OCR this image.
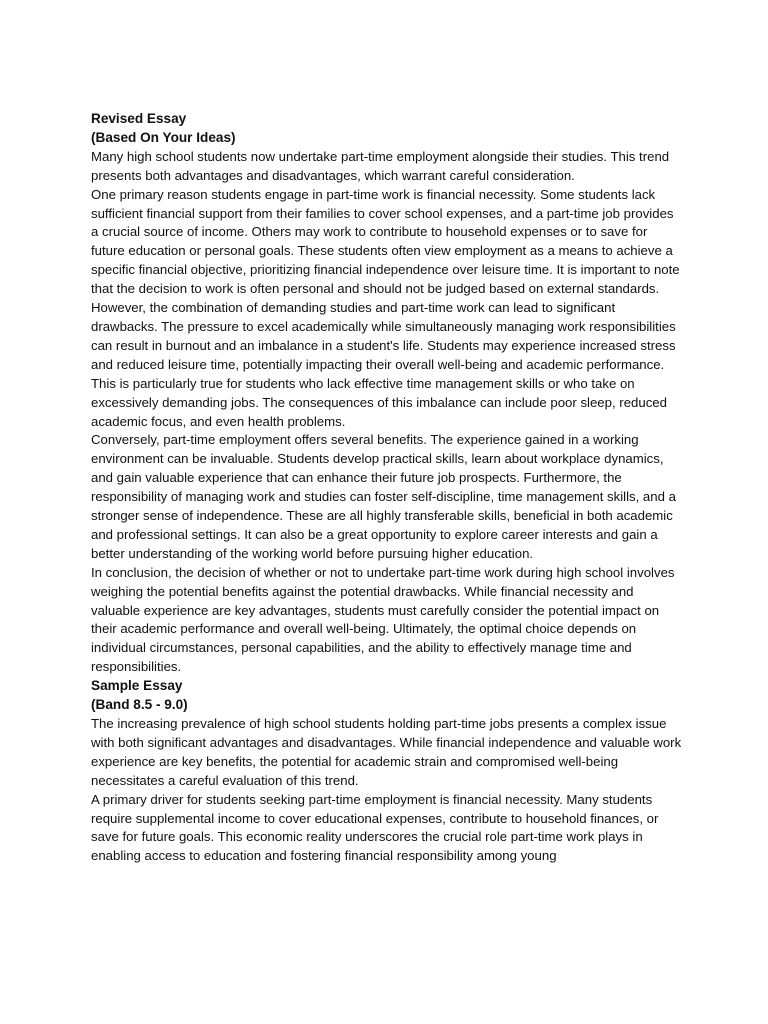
Revised Essay
(Based On Your Ideas)

Many high school students now undertake part-time employment alongside their studies. This trend presents both advantages and disadvantages, which warrant careful consideration.

One primary reason students engage in part-time work is financial necessity. Some students lack sufficient financial support from their families to cover school expenses, and a part-time job provides a crucial source of income. Others may work to contribute to household expenses or to save for future education or personal goals. These students often view employment as a means to achieve a specific financial objective, prioritizing financial independence over leisure time. It is important to note that the decision to work is often personal and should not be judged based on external standards.

However, the combination of demanding studies and part-time work can lead to significant drawbacks. The pressure to excel academically while simultaneously managing work responsibilities can result in burnout and an imbalance in a student's life. Students may experience increased stress and reduced leisure time, potentially impacting their overall well-being and academic performance. This is particularly true for students who lack effective time management skills or who take on excessively demanding jobs. The consequences of this imbalance can include poor sleep, reduced academic focus, and even health problems.

Conversely, part-time employment offers several benefits. The experience gained in a working environment can be invaluable. Students develop practical skills, learn about workplace dynamics, and gain valuable experience that can enhance their future job prospects. Furthermore, the responsibility of managing work and studies can foster self-discipline, time management skills, and a stronger sense of independence. These are all highly transferable skills, beneficial in both academic and professional settings. It can also be a great opportunity to explore career interests and gain a better understanding of the working world before pursuing higher education.

In conclusion, the decision of whether or not to undertake part-time work during high school involves weighing the potential benefits against the potential drawbacks. While financial necessity and valuable experience are key advantages, students must carefully consider the potential impact on their academic performance and overall well-being. Ultimately, the optimal choice depends on individual circumstances, personal capabilities, and the ability to effectively manage time and responsibilities.

Sample Essay
(Band 8.5 - 9.0)

The increasing prevalence of high school students holding part-time jobs presents a complex issue with both significant advantages and disadvantages. While financial independence and valuable work experience are key benefits, the potential for academic strain and compromised well-being necessitates a careful evaluation of this trend.

A primary driver for students seeking part-time employment is financial necessity. Many students require supplemental income to cover educational expenses, contribute to household finances, or save for future goals. This economic reality underscores the crucial role part-time work plays in enabling access to education and fostering financial responsibility among young
